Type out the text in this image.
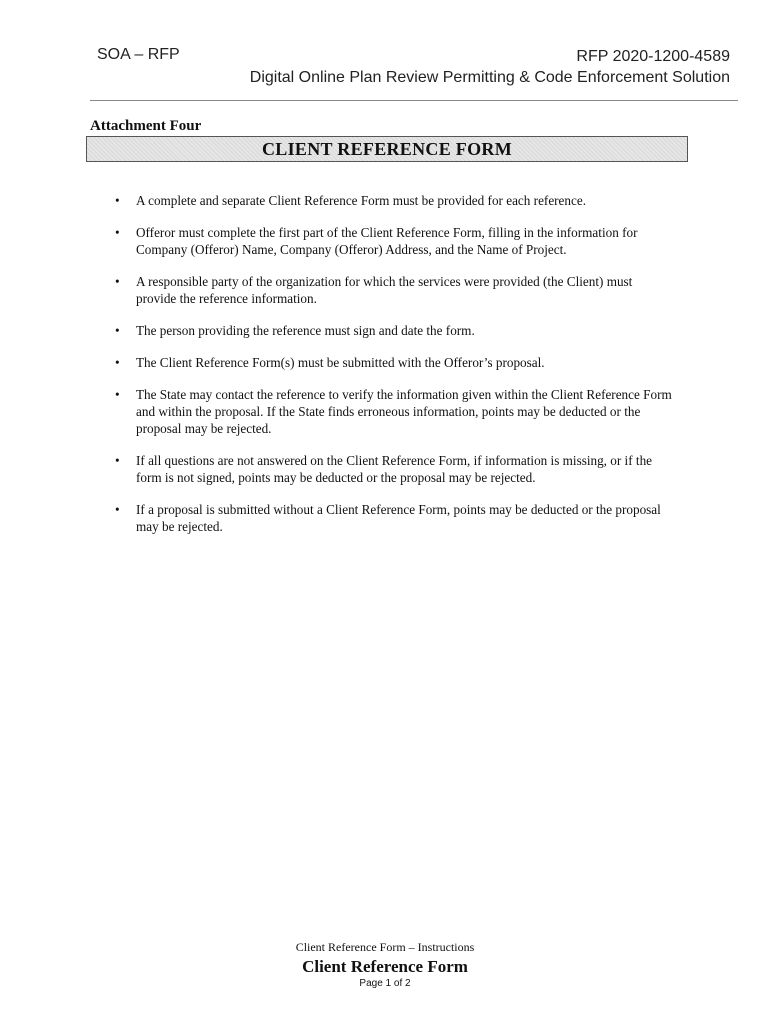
SOA – RFP	RFP 2020-1200-4589
Digital Online Plan Review Permitting & Code Enforcement Solution
Attachment Four
CLIENT REFERENCE FORM
• A complete and separate Client Reference Form must be provided for each reference.
• Offeror must complete the first part of the Client Reference Form, filling in the information for Company (Offeror) Name, Company (Offeror) Address, and the Name of Project.
• A responsible party of the organization for which the services were provided (the Client) must provide the reference information.
• The person providing the reference must sign and date the form.
• The Client Reference Form(s) must be submitted with the Offeror’s proposal.
• The State may contact the reference to verify the information given within the Client Reference Form and within the proposal. If the State finds erroneous information, points may be deducted or the proposal may be rejected.
• If all questions are not answered on the Client Reference Form, if information is missing, or if the form is not signed, points may be deducted or the proposal may be rejected.
• If a proposal is submitted without a Client Reference Form, points may be deducted or the proposal may be rejected.
Client Reference Form – Instructions
Client Reference Form
Page 1 of 2
